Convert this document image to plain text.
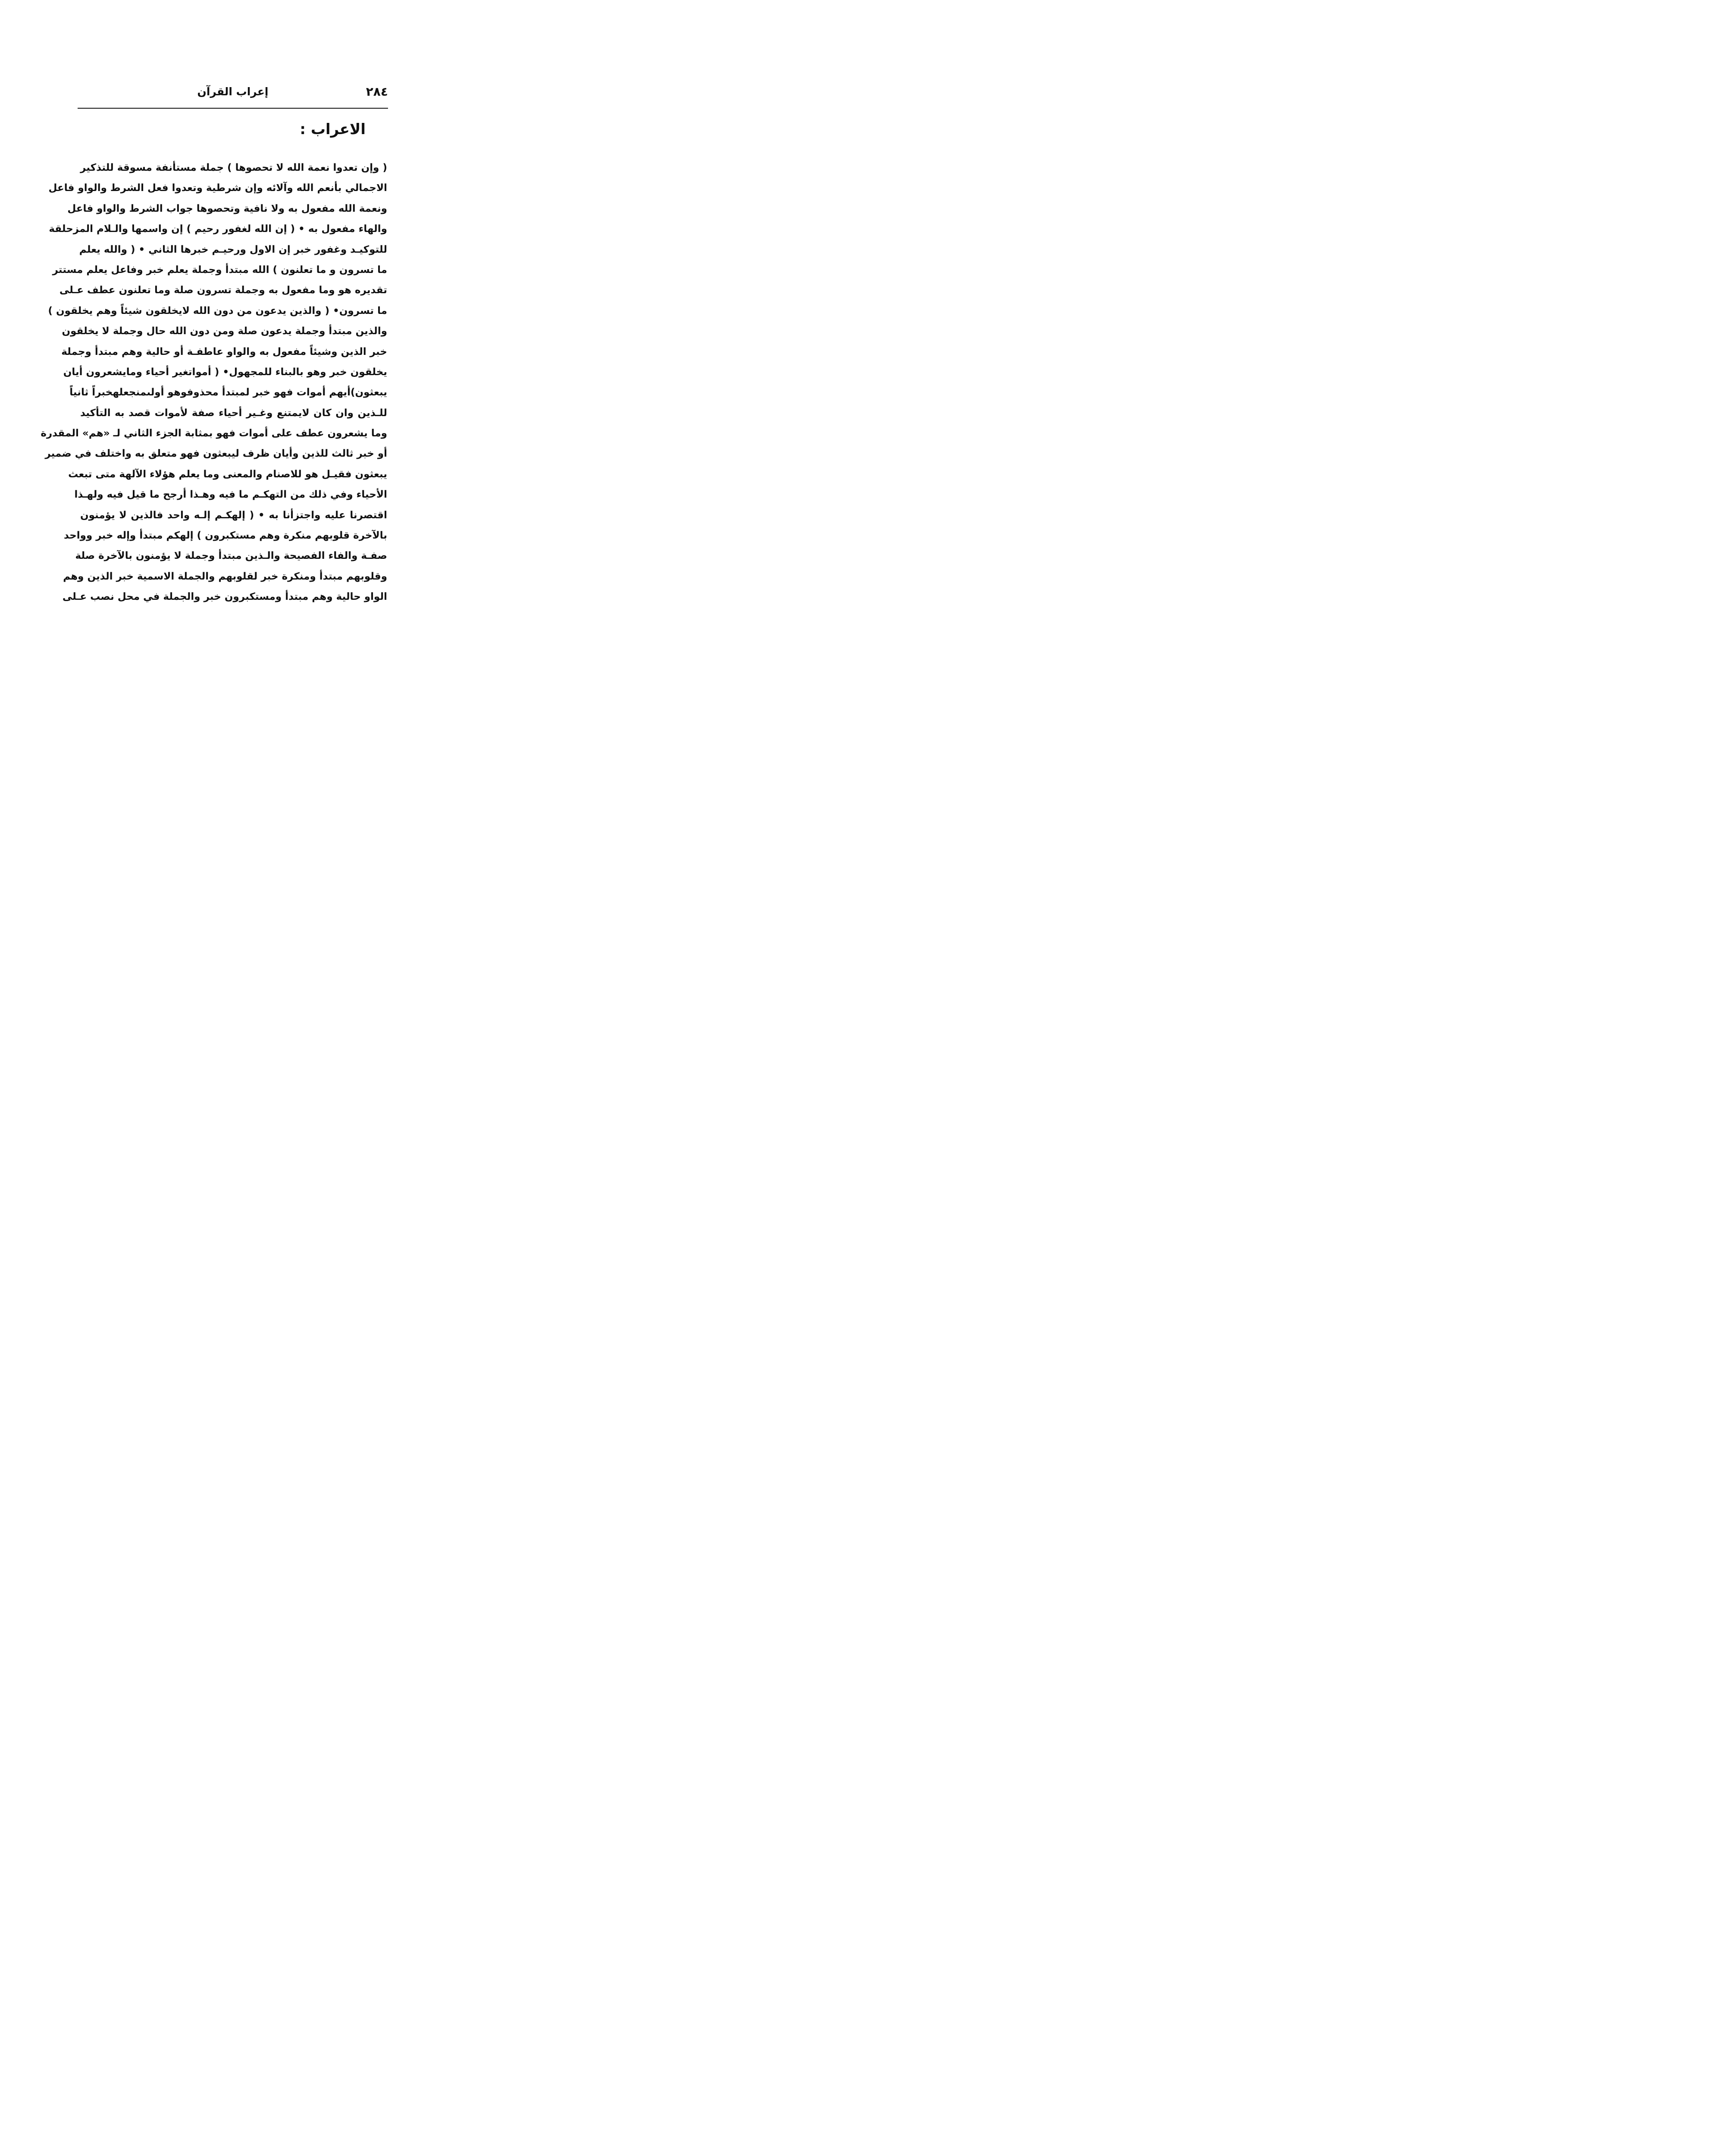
٢٨٤
إعراب القرآن
الاعراب :
( وإن تعدوا نعمة الله لا تحصوها ) جملة مستأنفة مسوقة للتذكير
الاجمالي بأنعم الله وآلائه وإن شرطية وتعدوا فعل الشرط والواو فاعل
ونعمة الله مفعول به ولا نافية وتحصوها جواب الشرط والواو فاعل
والهاء مفعول به • ( إن الله لغفور رحيم ) إن واسمها والـلام المزحلقة
للتوكيـد وغفور خبر إن الاول ورحيـم خبرها الثاني • ( والله يعلم
ما تسرون و ما تعلنون ) الله مبتدأ وجملة يعلم خبر وفاعل يعلم مستتر
تقديره هو وما مفعول به وجملة تسرون صلة وما تعلنون عطف عـلى
ما تسرون• ( والذين يدعون من دون الله لايخلقون شيئاً وهم يخلقون )
والذين مبتدأ وجملة يدعون صلة ومن دون الله حال وجملة لا يخلقون
خبر الذين وشيئاً مفعول به والواو عاطفـة أو حالية وهم مبتدأ وجملة
يخلقون خبر وهو بالبناء للمجهول• ( أمواتغير أحياء ومايشعرون أيان
يبعثون)أيهم أموات فهو خبر لمبتدأ محذوفوهو أولىمنجعلهخبراً ثانياً
للـذين وان كان لايمتنع وغـير أحياء صفة لأموات قصد به التأكيد
وما يشعرون عطف على أموات فهو بمثابة الجزء الثاني لـ «هم» المقدرة
أو خبر ثالث للذين وأيان ظرف ليبعثون فهو متعلق به واختلف في ضمير
يبعثون فقيـل هو للاصنام والمعنى وما يعلم هؤلاء الآلهة متى تبعث
الأحياء وفي ذلك من التهكـم ما فيه وهـذا أرجح ما قيل فيه ولهـذا
اقتصرنا عليه واجتزأنا به • ( إلهكـم إلـه واحد فالذين لا يؤمنون
بالآخرة قلوبهم منكرة وهم مستكبرون ) إلهكم مبتدأ وإله خبر وواحد
صفـة والفاء الفصيحة والـذين مبتدأ وجملة لا يؤمنون بالآخرة صلة
وقلوبهم مبتدأ ومنكرة خبر لقلوبهم والجملة الاسمية خبر الذين وهم
الواو حالية وهم مبتدأ ومستكبرون خبر والجملة في محل نصب عـلى
